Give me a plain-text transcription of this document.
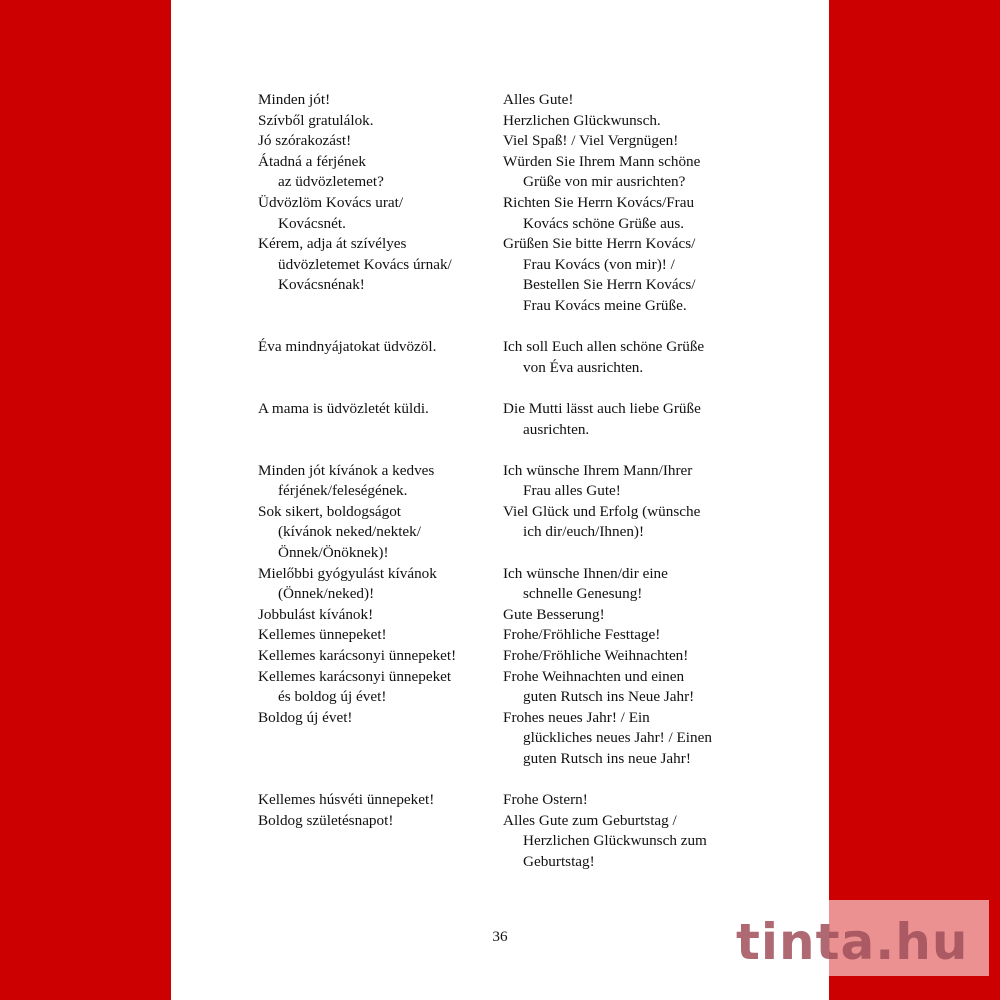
Minden jót!
Szívből gratulálok.
Jó szórakozást!
Átadná a férjének
az üdvözletemet?
Üdvözlöm Kovács urat/
Kovácsnét.
Kérem, adja át szívélyes
üdvözletemet Kovács úrnak/
Kovácsnénak!
Éva mindnyájatokat üdvözöl.
A mama is üdvözletét küldi.
Minden jót kívánok a kedves
férjének/feleségének.
Sok sikert, boldogságot
(kívánok neked/nektek/
Önnek/Önöknek)!
Mielőbbi gyógyulást kívánok
(Önnek/neked)!
Jobbulást kívánok!
Kellemes ünnepeket!
Kellemes karácsonyi ünnepeket!
Kellemes karácsonyi ünnepeket
és boldog új évet!
Boldog új évet!
Kellemes húsvéti ünnepeket!
Boldog születésnapot!
Alles Gute!
Herzlichen Glückwunsch.
Viel Spaß! / Viel Vergnügen!
Würden Sie Ihrem Mann schöne
Grüße von mir ausrichten?
Richten Sie Herrn Kovács/Frau
Kovács schöne Grüße aus.
Grüßen Sie bitte Herrn Kovács/
Frau Kovács (von mir)! /
Bestellen Sie Herrn Kovács/
Frau Kovács meine Grüße.
Ich soll Euch allen schöne Grüße
von Éva ausrichten.
Die Mutti lässt auch liebe Grüße
ausrichten.
Ich wünsche Ihrem Mann/Ihrer
Frau alles Gute!
Viel Glück und Erfolg (wünsche
ich dir/euch/Ihnen)!
Ich wünsche Ihnen/dir eine
schnelle Genesung!
Gute Besserung!
Frohe/Fröhliche Festtage!
Frohe/Fröhliche Weihnachten!
Frohe Weihnachten und einen
guten Rutsch ins Neue Jahr!
Frohes neues Jahr! / Ein
glückliches neues Jahr! / Einen
guten Rutsch ins neue Jahr!
Frohe Ostern!
Alles Gute zum Geburtstag /
Herzlichen Glückwunsch zum
Geburtstag!
36	tinta.hu
